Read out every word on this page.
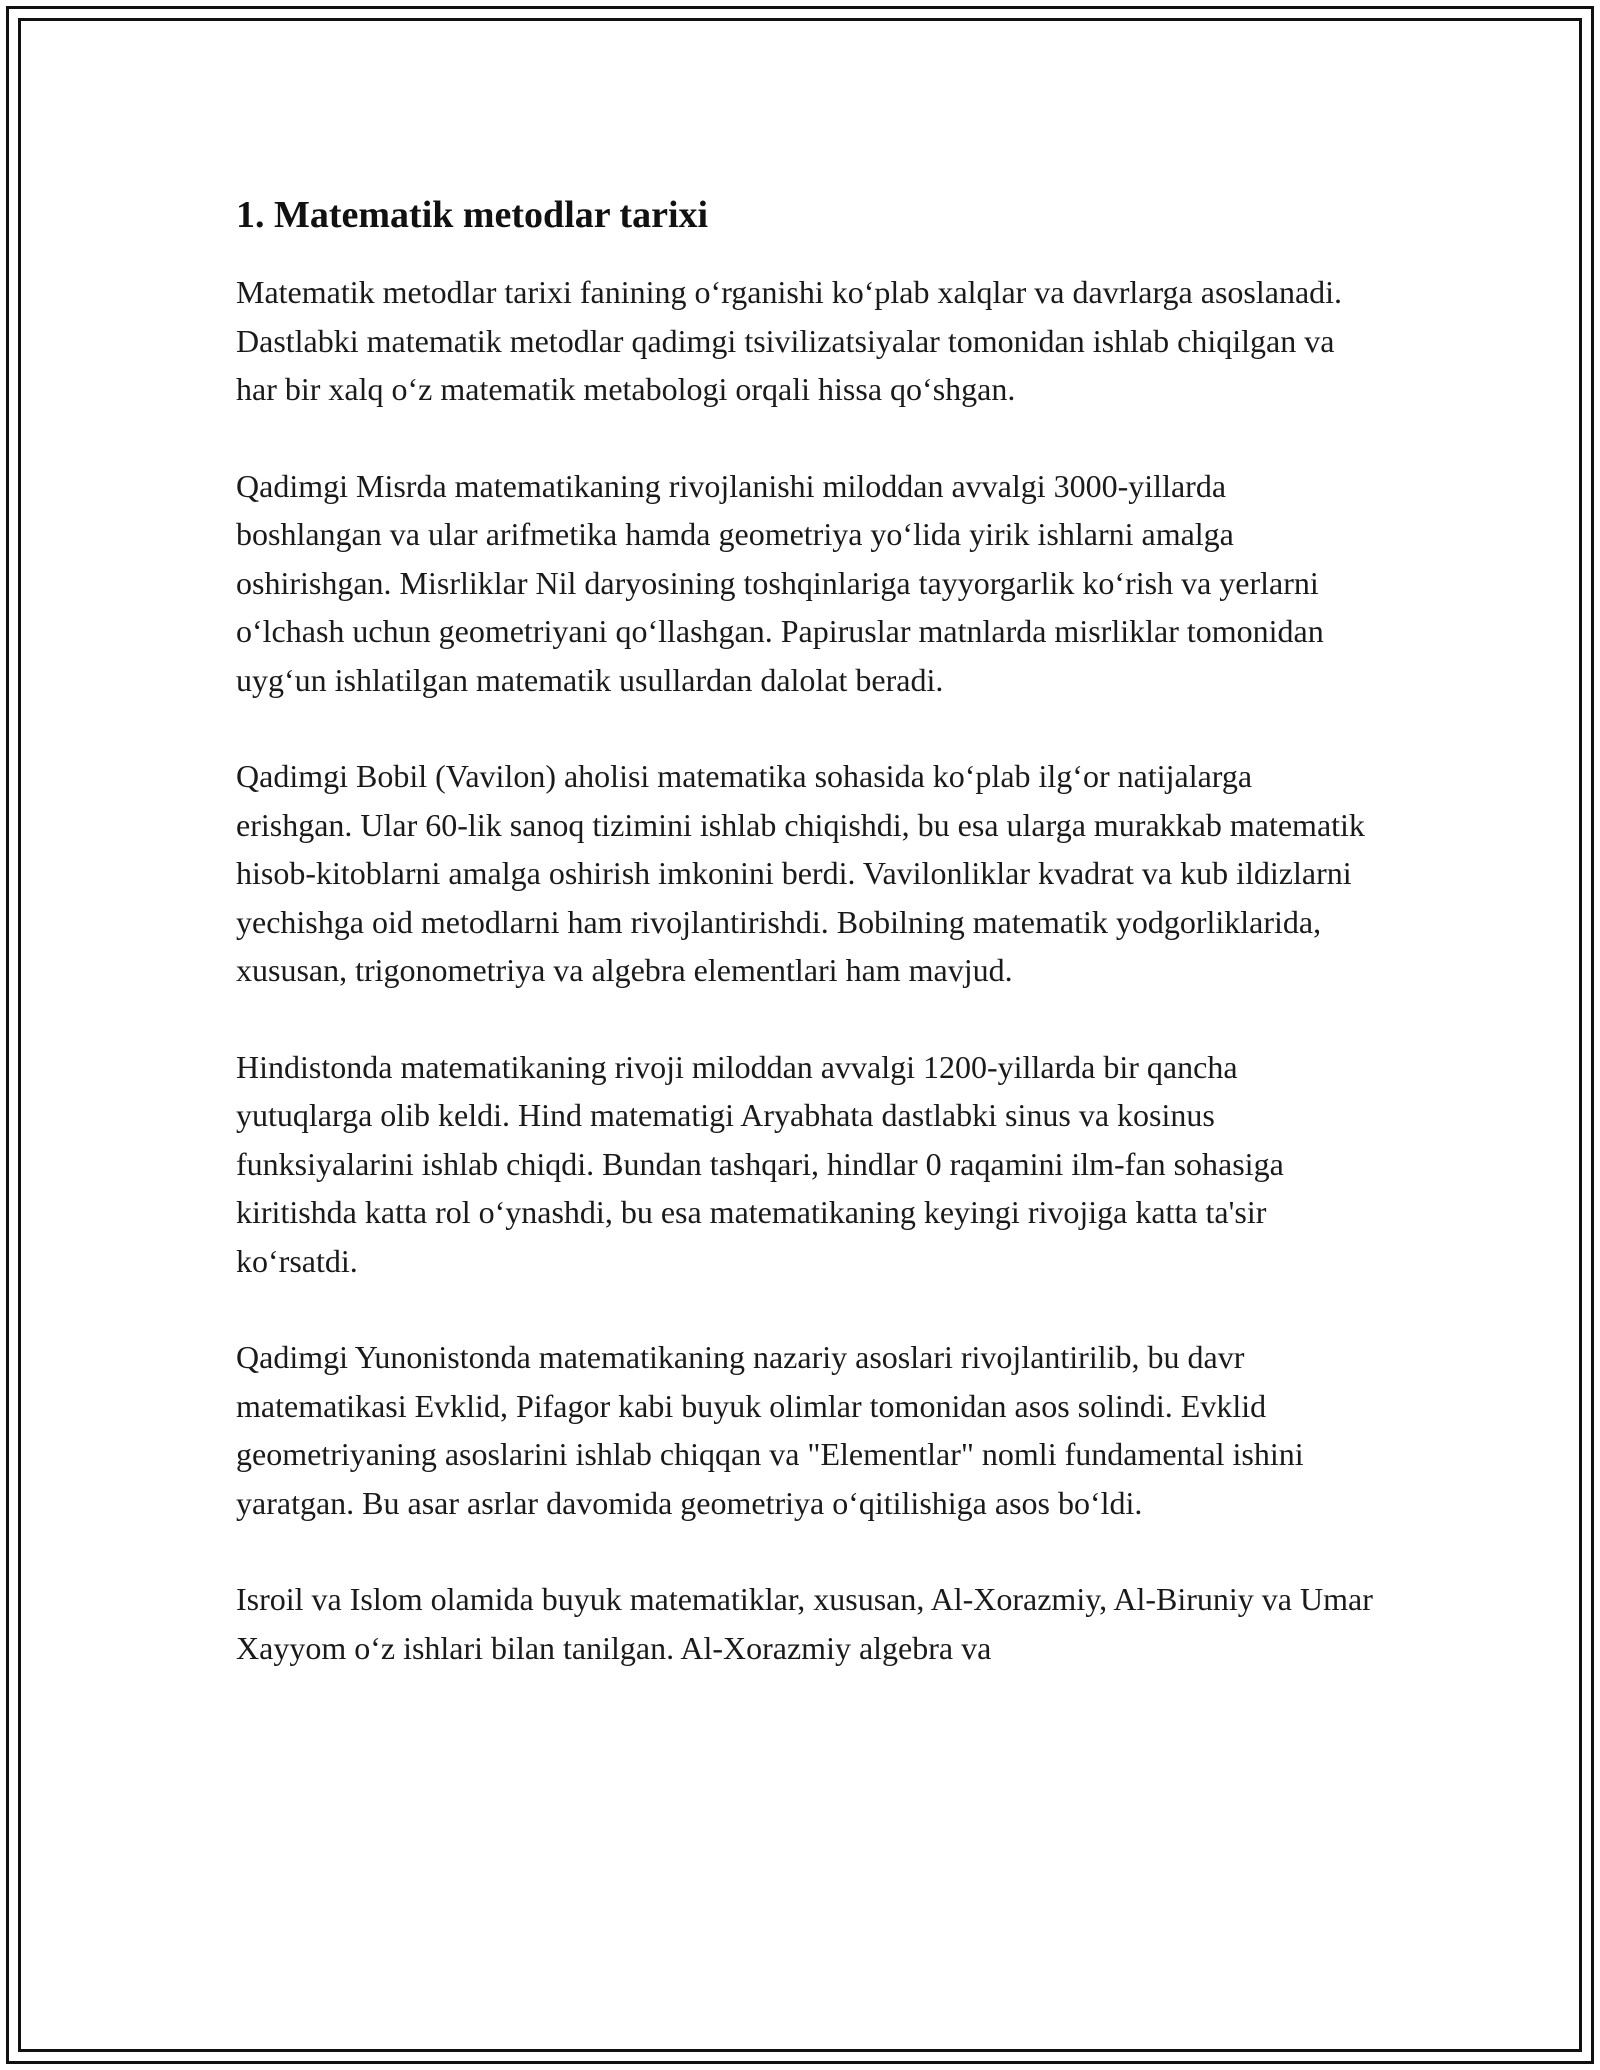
1. Matematik metodlar tarixi

Matematik metodlar tarixi fanining o‘rganishi ko‘plab xalqlar va davrlarga asoslanadi. Dastlabki matematik metodlar qadimgi tsivilizatsiyalar tomonidan ishlab chiqilgan va har bir xalq o‘z matematik metabologi orqali hissa qo‘shgan.

Qadimgi Misrda matematikaning rivojlanishi miloddan avvalgi 3000-yillarda boshlangan va ular arifmetika hamda geometriya yo‘lida yirik ishlarni amalga oshirishgan. Misrliklar Nil daryosining toshqinlariga tayyorgarlik ko‘rish va yerlarni o‘lchash uchun geometriyani qo‘llashgan. Papiruslar matnlarda misrliklar tomonidan uyg‘un ishlatilgan matematik usullardan dalolat beradi.

Qadimgi Bobil (Vavilon) aholisi matematika sohasida ko‘plab ilg‘or natijalarga erishgan. Ular 60-lik sanoq tizimini ishlab chiqishdi, bu esa ularga murakkab matematik hisob-kitoblarni amalga oshirish imkonini berdi. Vavilonliklar kvadrat va kub ildizlarni yechishga oid metodlarni ham rivojlantirishdi. Bobilning matematik yodgorliklarida, xususan, trigonometriya va algebra elementlari ham mavjud.

Hindistonda matematikaning rivoji miloddan avvalgi 1200-yillarda bir qancha yutuqlarga olib keldi. Hind matematigi Aryabhata dastlabki sinus va kosinus funksiyalarini ishlab chiqdi. Bundan tashqari, hindlar 0 raqamini ilm-fan sohasiga kiritishda katta rol o‘ynashdi, bu esa matematikaning keyingi rivojiga katta ta'sir ko‘rsatdi.

Qadimgi Yunonistonda matematikaning nazariy asoslari rivojlantirilib, bu davr matematikasi Evklid, Pifagor kabi buyuk olimlar tomonidan asos solindi. Evklid geometriyaning asoslarini ishlab chiqqan va "Elementlar" nomli fundamental ishini yaratgan. Bu asar asrlar davomida geometriya o‘qitilishiga asos bo‘ldi.

Isroil va Islom olamida buyuk matematiklar, xususan, Al-Xorazmiy, Al-Biruniy va Umar Xayyom o‘z ishlari bilan tanilgan. Al-Xorazmiy algebra va
